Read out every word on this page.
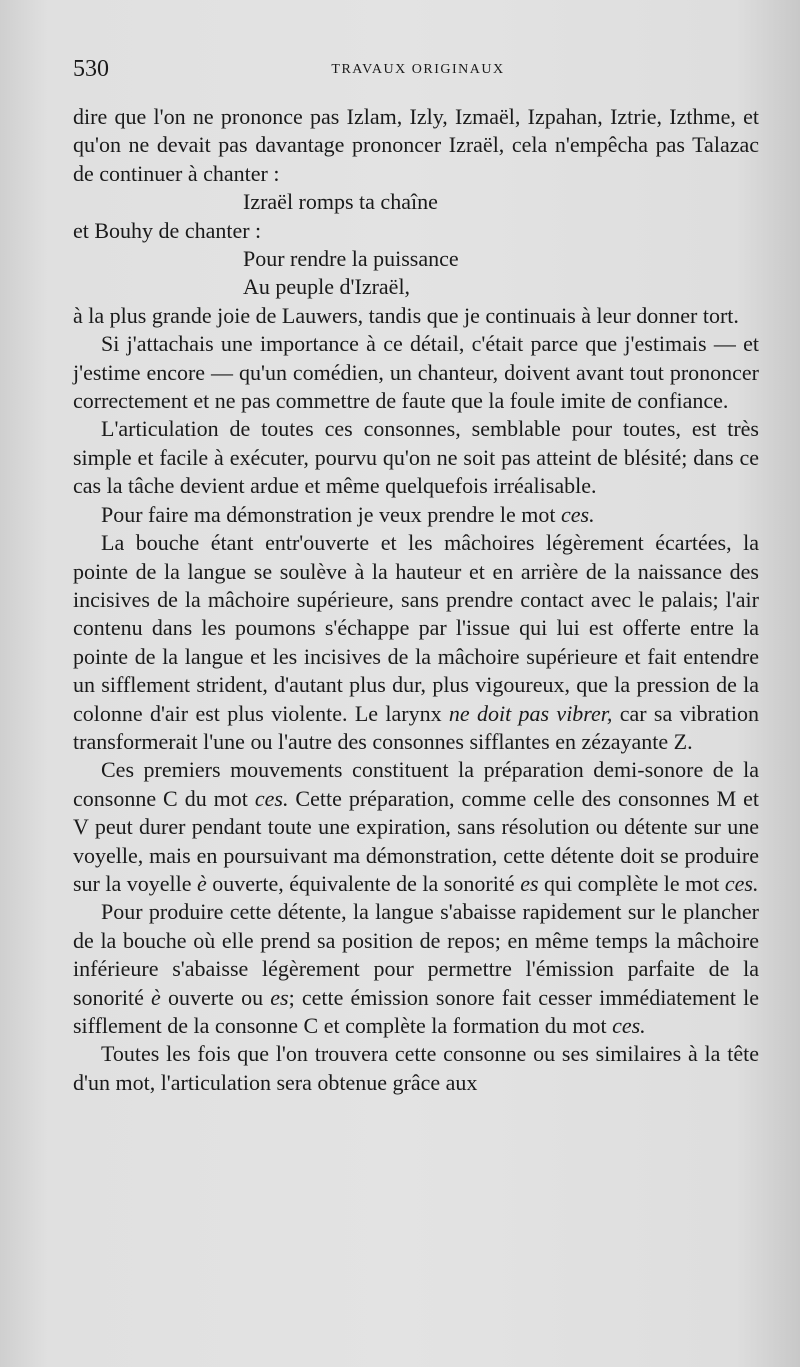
530	TRAVAUX ORIGINAUX

dire que l'on ne prononce pas Izlam, Izly, Izmaël, Izpahan, Iztrie, Izthme, et qu'on ne devait pas davantage prononcer Izraël, cela n'empêcha pas Talazac de continuer à chanter :

Izraël romps ta chaîne

et Bouhy de chanter :

Pour rendre la puissance

Au peuple d'Izraël,

à la plus grande joie de Lauwers, tandis que je continuais à leur donner tort.

Si j'attachais une importance à ce détail, c'était parce que j'estimais — et j'estime encore — qu'un comédien, un chanteur, doivent avant tout prononcer correctement et ne pas commettre de faute que la foule imite de confiance.

L'articulation de toutes ces consonnes, semblable pour toutes, est très simple et facile à exécuter, pourvu qu'on ne soit pas atteint de blésité; dans ce cas la tâche devient ardue et même quelquefois irréalisable.

Pour faire ma démonstration je veux prendre le mot ces.

La bouche étant entr'ouverte et les mâchoires légèrement écartées, la pointe de la langue se soulève à la hauteur et en arrière de la naissance des incisives de la mâchoire supérieure, sans prendre contact avec le palais; l'air contenu dans les poumons s'échappe par l'issue qui lui est offerte entre la pointe de la langue et les incisives de la mâchoire supérieure et fait entendre un sifflement strident, d'autant plus dur, plus vigoureux, que la pression de la colonne d'air est plus violente. Le larynx ne doit pas vibrer, car sa vibration transformerait l'une ou l'autre des consonnes sifflantes en zézayante Z.

Ces premiers mouvements constituent la préparation demi-sonore de la consonne C du mot ces. Cette préparation, comme celle des consonnes M et V peut durer pendant toute une expiration, sans résolution ou détente sur une voyelle, mais en poursuivant ma démonstration, cette détente doit se produire sur la voyelle è ouverte, équivalente de la sonorité es qui complète le mot ces.

Pour produire cette détente, la langue s'abaisse rapidement sur le plancher de la bouche où elle prend sa position de repos; en même temps la mâchoire inférieure s'abaisse légèrement pour permettre l'émission parfaite de la sonorité è ouverte ou es; cette émission sonore fait cesser immédiatement le sifflement de la consonne C et complète la formation du mot ces.

Toutes les fois que l'on trouvera cette consonne ou ses similaires à la tête d'un mot, l'articulation sera obtenue grâce aux
